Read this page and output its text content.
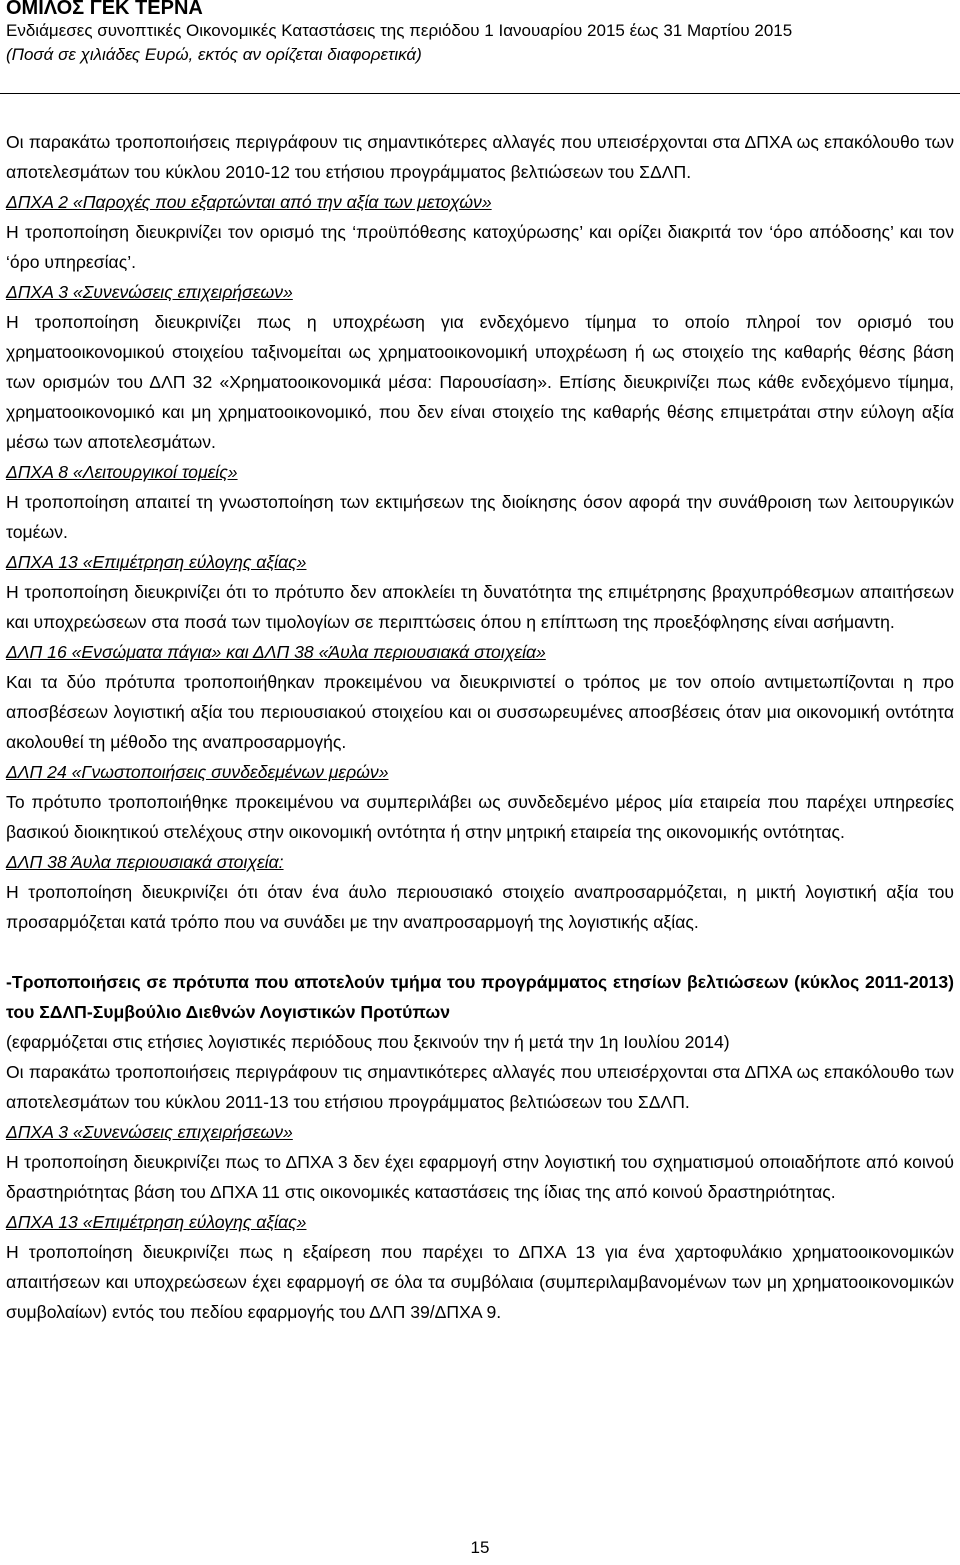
ΟΜΙΛΟΣ ΓΕΚ ΤΕΡΝΑ
Ενδιάμεσες συνοπτικές Οικονομικές Καταστάσεις της περιόδου 1 Ιανουαρίου 2015 έως 31 Μαρτίου 2015
(Ποσά σε χιλιάδες Ευρώ, εκτός αν ορίζεται διαφορετικά)

Οι παρακάτω τροποποιήσεις περιγράφουν τις σημαντικότερες αλλαγές που υπεισέρχονται στα ΔΠΧΑ ως επακόλουθο των αποτελεσμάτων του κύκλου 2010-12 του ετήσιου προγράμματος βελτιώσεων του ΣΔΛΠ.

ΔΠΧΑ 2 «Παροχές που εξαρτώνται από την αξία των μετοχών»

Η τροποποίηση διευκρινίζει τον ορισμό της ‘προϋπόθεσης κατοχύρωσης’ και ορίζει διακριτά τον ‘όρο απόδοσης’ και τον ‘όρο υπηρεσίας’.

ΔΠΧΑ 3 «Συνενώσεις επιχειρήσεων»

Η τροποποίηση διευκρινίζει πως η υποχρέωση για ενδεχόμενο τίμημα το οποίο πληροί τον ορισμό του χρηματοοικονομικού στοιχείου ταξινομείται ως χρηματοοικονομική υποχρέωση ή ως στοιχείο της καθαρής θέσης βάση των ορισμών του ΔΛΠ 32 «Χρηματοοικονομικά μέσα: Παρουσίαση». Επίσης διευκρινίζει πως κάθε ενδεχόμενο τίμημα, χρηματοοικονομικό και μη χρηματοοικονομικό, που δεν είναι στοιχείο της καθαρής θέσης επιμετράται στην εύλογη αξία μέσω των αποτελεσμάτων.

ΔΠΧΑ 8 «Λειτουργικοί τομείς»

Η τροποποίηση απαιτεί τη γνωστοποίηση των εκτιμήσεων της διοίκησης όσον αφορά την συνάθροιση των λειτουργικών τομέων.

ΔΠΧΑ 13 «Επιμέτρηση εύλογης αξίας»

Η τροποποίηση διευκρινίζει ότι το πρότυπο δεν αποκλείει τη δυνατότητα της επιμέτρησης βραχυπρόθεσμων απαιτήσεων και υποχρεώσεων στα ποσά των τιμολογίων σε περιπτώσεις όπου η επίπτωση της προεξόφλησης είναι ασήμαντη.

ΔΛΠ 16 «Ενσώματα πάγια» και ΔΛΠ 38 «Άυλα περιουσιακά στοιχεία»

Και τα δύο πρότυπα τροποποιήθηκαν προκειμένου να διευκρινιστεί ο τρόπος με τον οποίο αντιμετωπίζονται η προ αποσβέσεων λογιστική αξία του περιουσιακού στοιχείου και οι συσσωρευμένες αποσβέσεις όταν μια οικονομική οντότητα ακολουθεί τη μέθοδο της αναπροσαρμογής.

ΔΛΠ 24 «Γνωστοποιήσεις συνδεδεμένων μερών»

Το πρότυπο τροποποιήθηκε προκειμένου να συμπεριλάβει ως συνδεδεμένο μέρος μία εταιρεία που παρέχει υπηρεσίες βασικού διοικητικού στελέχους στην οικονομική οντότητα ή στην μητρική εταιρεία της οικονομικής οντότητας.

ΔΛΠ 38 Άυλα περιουσιακά στοιχεία:

Η τροποποίηση διευκρινίζει ότι όταν ένα άυλο περιουσιακό στοιχείο αναπροσαρμόζεται, η μικτή λογιστική αξία του προσαρμόζεται κατά τρόπο που να συνάδει με την αναπροσαρμογή της λογιστικής αξίας.

-Τροποποιήσεις σε πρότυπα που αποτελούν τμήμα του προγράμματος ετησίων βελτιώσεων (κύκλος 2011-2013) του ΣΔΛΠ-Συμβούλιο Διεθνών Λογιστικών Προτύπων

(εφαρμόζεται στις ετήσιες λογιστικές περιόδους που ξεκινούν την ή μετά την 1η Ιουλίου 2014)

Οι παρακάτω τροποποιήσεις περιγράφουν τις σημαντικότερες αλλαγές που υπεισέρχονται στα ΔΠΧΑ ως επακόλουθο των αποτελεσμάτων του κύκλου 2011-13 του ετήσιου προγράμματος βελτιώσεων του ΣΔΛΠ.

ΔΠΧΑ 3 «Συνενώσεις επιχειρήσεων»

Η τροποποίηση διευκρινίζει πως το ΔΠΧΑ 3 δεν έχει εφαρμογή στην λογιστική του σχηματισμού οποιαδήποτε από κοινού δραστηριότητας βάση του ΔΠΧΑ 11 στις οικονομικές καταστάσεις της ίδιας της από κοινού δραστηριότητας.

ΔΠΧΑ 13 «Επιμέτρηση εύλογης αξίας»

Η τροποποίηση διευκρινίζει πως η εξαίρεση που παρέχει το ΔΠΧΑ 13 για ένα χαρτοφυλάκιο χρηματοοικονομικών απαιτήσεων και υποχρεώσεων έχει εφαρμογή σε όλα τα συμβόλαια (συμπεριλαμβανομένων των μη χρηματοοικονομικών συμβολαίων) εντός του πεδίου εφαρμογής του ΔΛΠ 39/ΔΠΧΑ 9.

15
